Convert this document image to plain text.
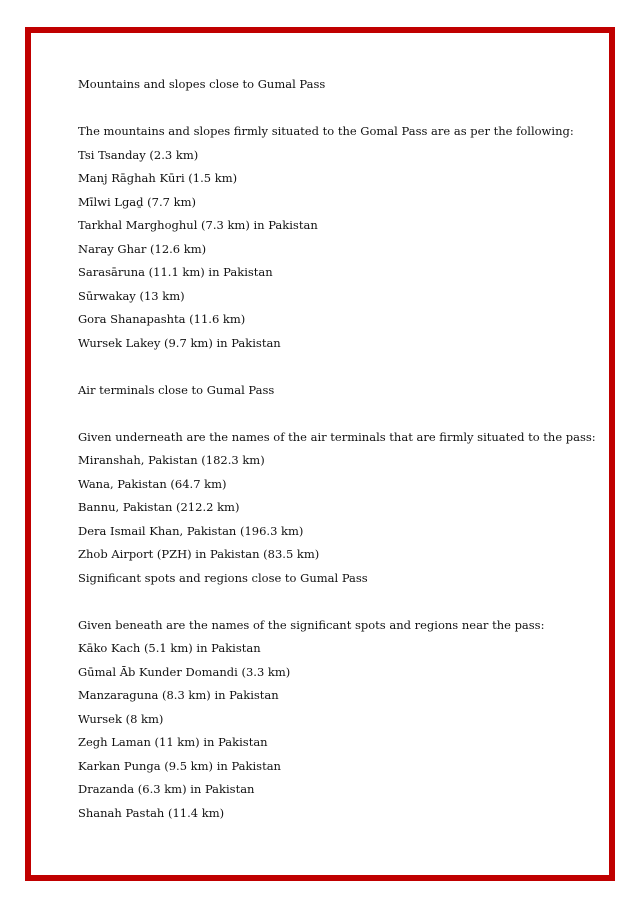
Mountains and slopes close to Gumal Pass
The mountains and slopes firmly situated to the Gomal Pass are as per the following:
Tsi Tsanday (2.3 km)
Manj Rāghah Kūri (1.5 km)
Mīlwi Lgaḏ (7.7 km)
Tarkhal Marghoghul (7.3 km) in Pakistan
Naray Ghar (12.6 km)
Sarasāruna (11.1 km) in Pakistan
Sūrwakay (13 km)
Gora Shanapashta (11.6 km)
Wursek Lakey (9.7 km) in Pakistan
Air terminals close to Gumal Pass
Given underneath are the names of the air terminals that are firmly situated to the pass:
Miranshah, Pakistan (182.3 km)
Wana, Pakistan (64.7 km)
Bannu, Pakistan (212.2 km)
Dera Ismail Khan, Pakistan (196.3 km)
Zhob Airport (PZH) in Pakistan (83.5 km)
Significant spots and regions close to Gumal Pass
Given beneath are the names of the significant spots and regions near the pass:
Kāko Kach (5.1 km) in Pakistan
Gūmal Āb Kunder Domandi (3.3 km)
Manzaraguna (8.3 km) in Pakistan
Wursek (8 km)
Zegh Laman (11 km) in Pakistan
Karkan Punga (9.5 km) in Pakistan
Drazanda (6.3 km) in Pakistan
Shanah Pastah (11.4 km)
